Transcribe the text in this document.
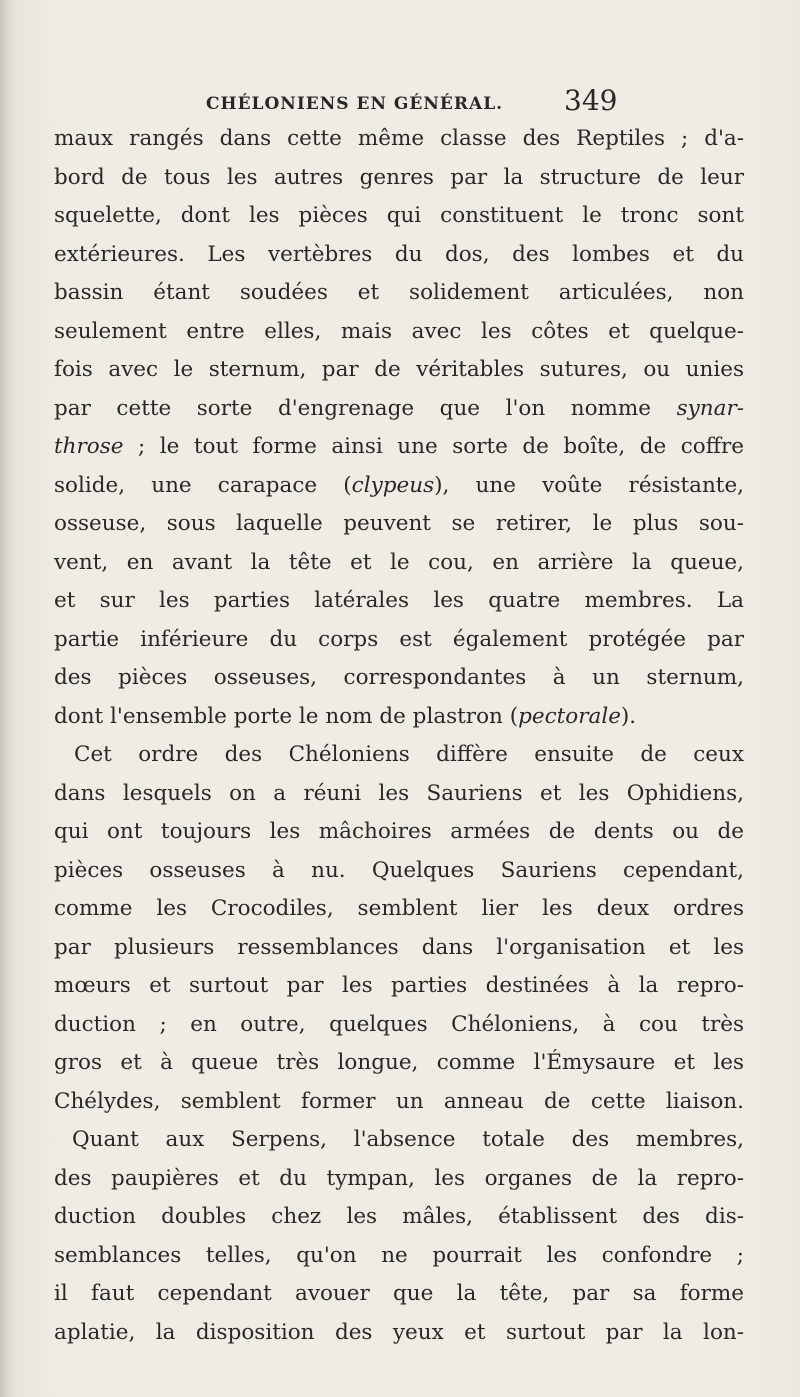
CHÉLONIENS EN GÉNÉRAL. 349
maux rangés dans cette même classe des Reptiles ; d'a-
bord de tous les autres genres par la structure de leur
squelette, dont les pièces qui constituent le tronc sont
extérieures. Les vertèbres du dos, des lombes et du
bassin étant soudées et solidement articulées, non
seulement entre elles, mais avec les côtes et quelque-
fois avec le sternum, par de véritables sutures, ou unies
par cette sorte d'engrenage que l'on nomme synar-
throse ; le tout forme ainsi une sorte de boîte, de coffre
solide, une carapace (clypeus), une voûte résistante,
osseuse, sous laquelle peuvent se retirer, le plus sou-
vent, en avant la tête et le cou, en arrière la queue,
et sur les parties latérales les quatre membres. La
partie inférieure du corps est également protégée par
des pièces osseuses, correspondantes à un sternum,
dont l'ensemble porte le nom de plastron (pectorale).
Cet ordre des Chéloniens diffère ensuite de ceux
dans lesquels on a réuni les Sauriens et les Ophidiens,
qui ont toujours les mâchoires armées de dents ou de
pièces osseuses à nu. Quelques Sauriens cependant,
comme les Crocodiles, semblent lier les deux ordres
par plusieurs ressemblances dans l'organisation et les
mœurs et surtout par les parties destinées à la repro-
duction ; en outre, quelques Chéloniens, à cou très
gros et à queue très longue, comme l'Émysaure et les
Chélydes, semblent former un anneau de cette liaison.
Quant aux Serpens, l'absence totale des membres,
des paupières et du tympan, les organes de la repro-
duction doubles chez les mâles, établissent des dis-
semblances telles, qu'on ne pourrait les confondre ;
il faut cependant avouer que la tête, par sa forme
aplatie, la disposition des yeux et surtout par la lon-
